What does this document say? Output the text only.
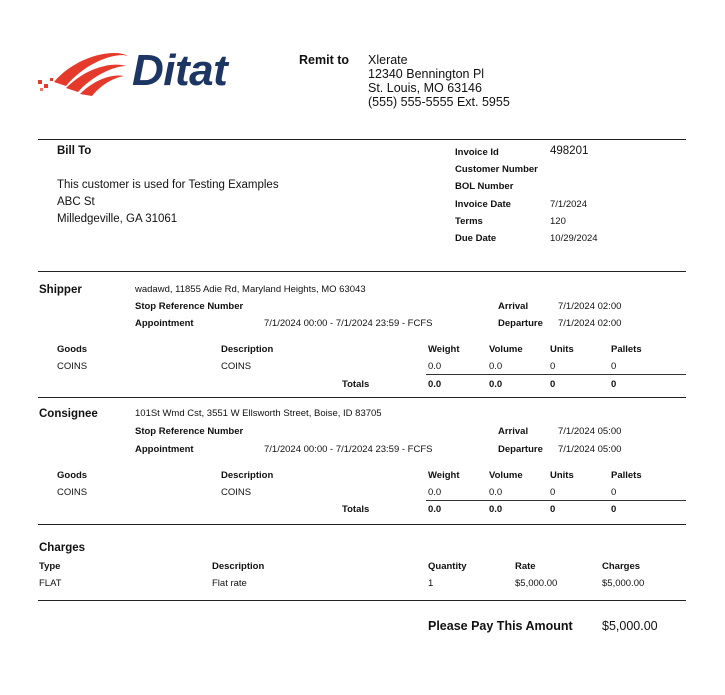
Ditat	Remit to Xlerate
12340 Bennington Pl
St. Louis, MO 63146
(555) 555-5555 Ext. 5955
Bill To
This customer is used for Testing Examples
ABC St
Milledgeville, GA 31061
Invoice Id	498201
Customer Number
BOL Number
Invoice Date	7/1/2024
Terms	120
Due Date	10/29/2024
Shipper	wadawd, 11855 Adie Rd, Maryland Heights, MO 63043
Stop Reference Number
Appointment	7/1/2024 00:00 - 7/1/2024 23:59 - FCFS
Arrival	7/1/2024 02:00
Departure 7/1/2024 02:00
Goods	Description	Weight	Volume	Units	Pallets
COINS	COINS	0.0	0.0	0	0
Totals	0.0	0.0	0	0
Consignee	101St Wmd Cst, 3551 W Ellsworth Street, Boise, ID 83705
Stop Reference Number
Appointment	7/1/2024 00:00 - 7/1/2024 23:59 - FCFS
Arrival	7/1/2024 05:00
Departure 7/1/2024 05:00
Goods	Description	Weight	Volume	Units	Pallets
COINS	COINS	0.0	0.0	0	0
Totals	0.0	0.0	0	0
Charges
Type	Description	Quantity	Rate	Charges
FLAT	Flat rate	1	$5,000.00	$5,000.00
Please Pay This Amount $5,000.00
